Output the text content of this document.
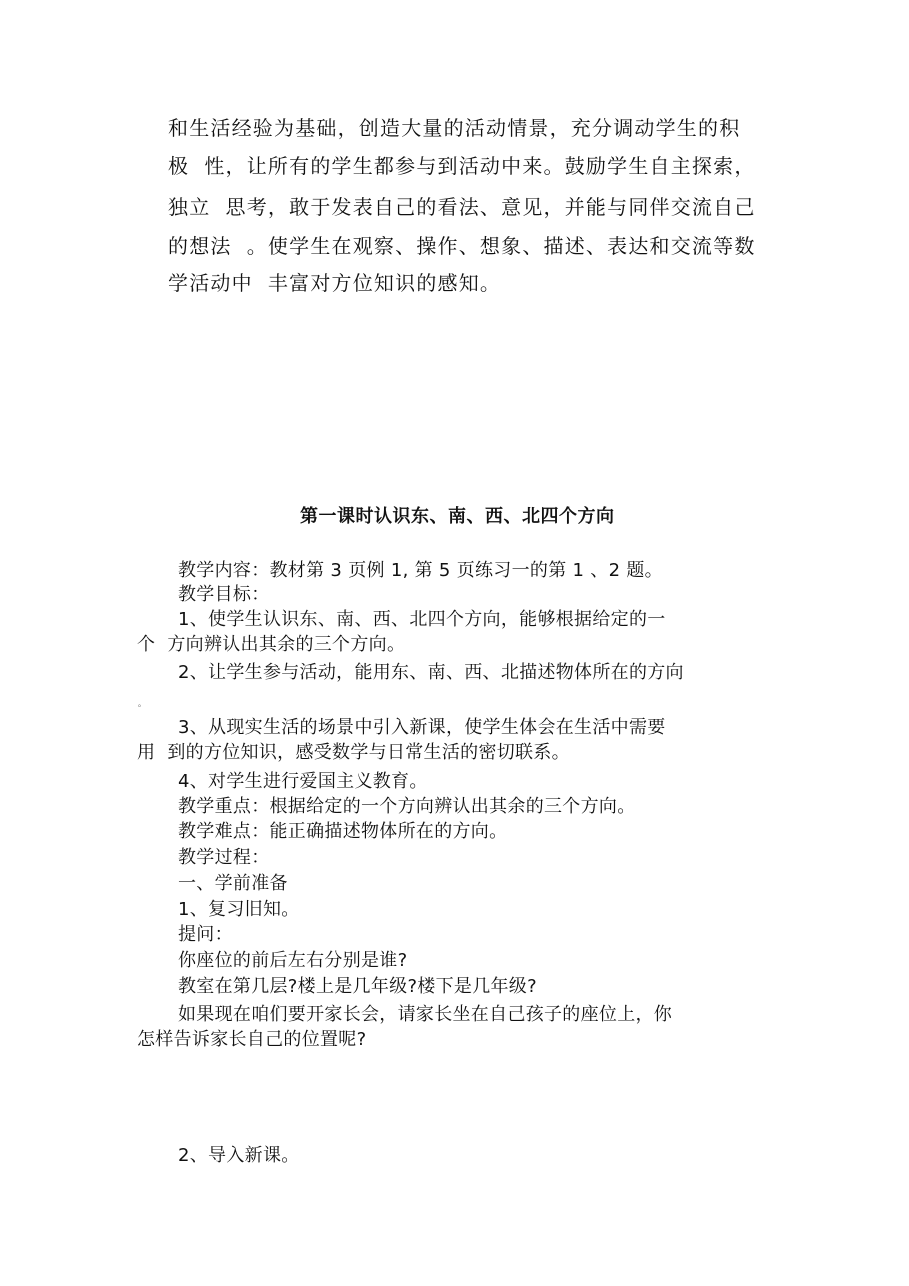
和生活经验为基础，创造大量的活动情景，充分调动学生的积
极  性，让所有的学生都参与到活动中来。鼓励学生自主探索，
独立  思考，敢于发表自己的看法、意见，并能与同伴交流自己
的想法  。使学生在观察、操作、想象、描述、表达和交流等数
学活动中  丰富对方位知识的感知。
第一课时认识东、南、西、北四个方向
教学内容：教材第 3 页例 1, 第 5 页练习一的第 1 、2 题。
教学目标：
1、使学生认识东、南、西、北四个方向，能够根据给定的一
个  方向辨认出其余的三个方向。
2、让学生参与活动，能用东、南、西、北描述物体所在的方向
。
3、从现实生活的场景中引入新课，使学生体会在生活中需要
用  到的方位知识，感受数学与日常生活的密切联系。
4、对学生进行爱国主义教育。
教学重点：根据给定的一个方向辨认出其余的三个方向。
教学难点：能正确描述物体所在的方向。
教学过程：
一、学前准备
1、复习旧知。
提问：
你座位的前后左右分别是谁?
教室在第几层?楼上是几年级?楼下是几年级?
如果现在咱们要开家长会，请家长坐在自己孩子的座位上，你
怎样告诉家长自己的位置呢?
2、导入新课。
